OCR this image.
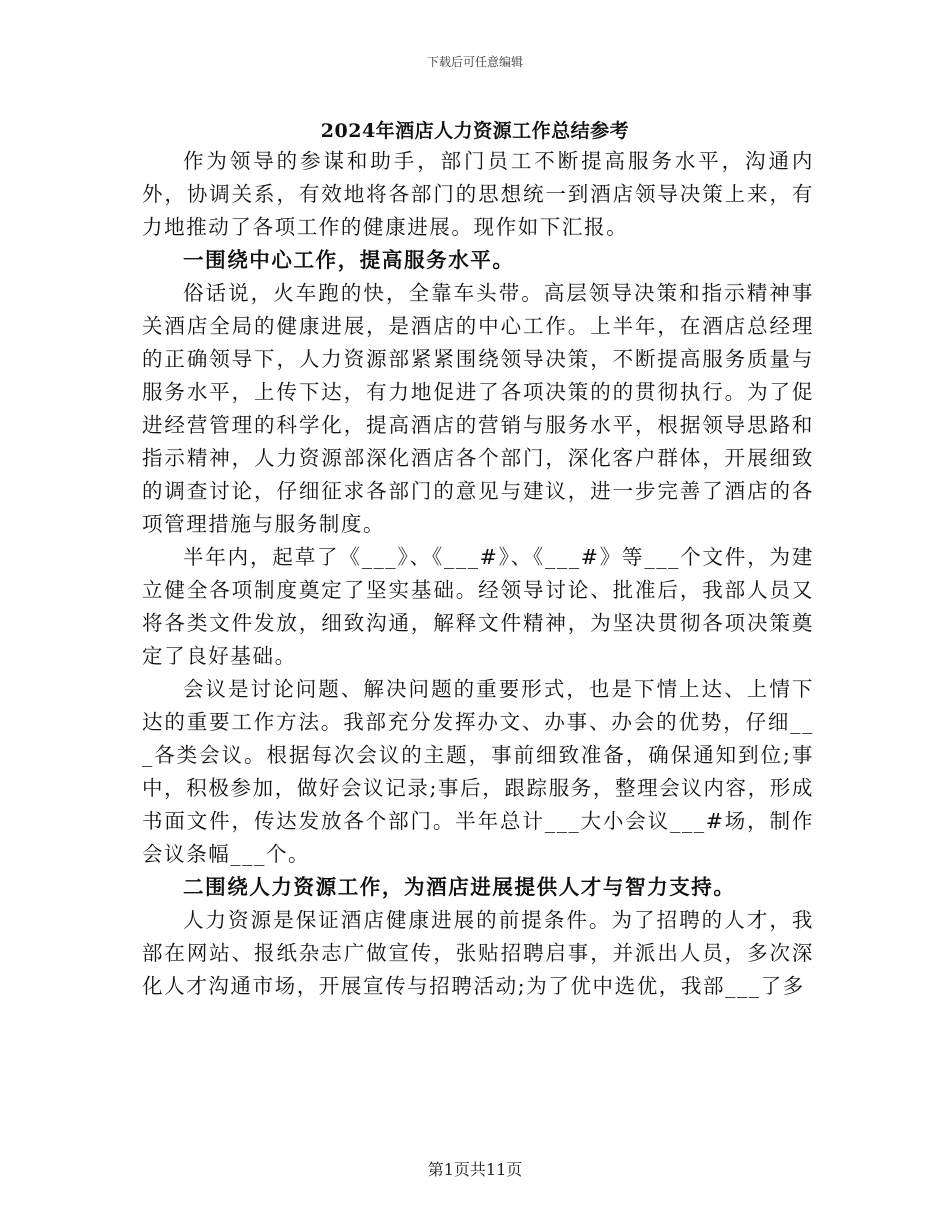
下载后可任意编辑
2024年酒店人力资源工作总结参考

作为领导的参谋和助手，部门员工不断提高服务水平，沟通内外，协调关系，有效地将各部门的思想统一到酒店领导决策上来，有力地推动了各项工作的健康进展。现作如下汇报。

一围绕中心工作，提高服务水平。

俗话说，火车跑的快，全靠车头带。高层领导决策和指示精神事关酒店全局的健康进展，是酒店的中心工作。上半年，在酒店总经理的正确领导下，人力资源部紧紧围绕领导决策，不断提高服务质量与服务水平，上传下达，有力地促进了各项决策的的贯彻执行。为了促进经营管理的科学化，提高酒店的营销与服务水平，根据领导思路和指示精神，人力资源部深化酒店各个部门，深化客户群体，开展细致的调查讨论，仔细征求各部门的意见与建议，进一步完善了酒店的各项管理措施与服务制度。

半年内，起草了《___》、《___#》、《___#》等___个文件，为建立健全各项制度奠定了坚实基础。经领导讨论、批准后，我部人员又将各类文件发放，细致沟通，解释文件精神，为坚决贯彻各项决策奠定了良好基础。

会议是讨论问题、解决问题的重要形式，也是下情上达、上情下达的重要工作方法。我部充分发挥办文、办事、办会的优势，仔细___各类会议。根据每次会议的主题，事前细致准备，确保通知到位;事中，积极参加，做好会议记录;事后，跟踪服务，整理会议内容，形成书面文件，传达发放各个部门。半年总计___大小会议___#场，制作会议条幅___个。

二围绕人力资源工作，为酒店进展提供人才与智力支持。

人力资源是保证酒店健康进展的前提条件。为了招聘的人才，我部在网站、报纸杂志广做宣传，张贴招聘启事，并派出人员，多次深化人才沟通市场，开展宣传与招聘活动;为了优中选优，我部___了多

第1页共11页
